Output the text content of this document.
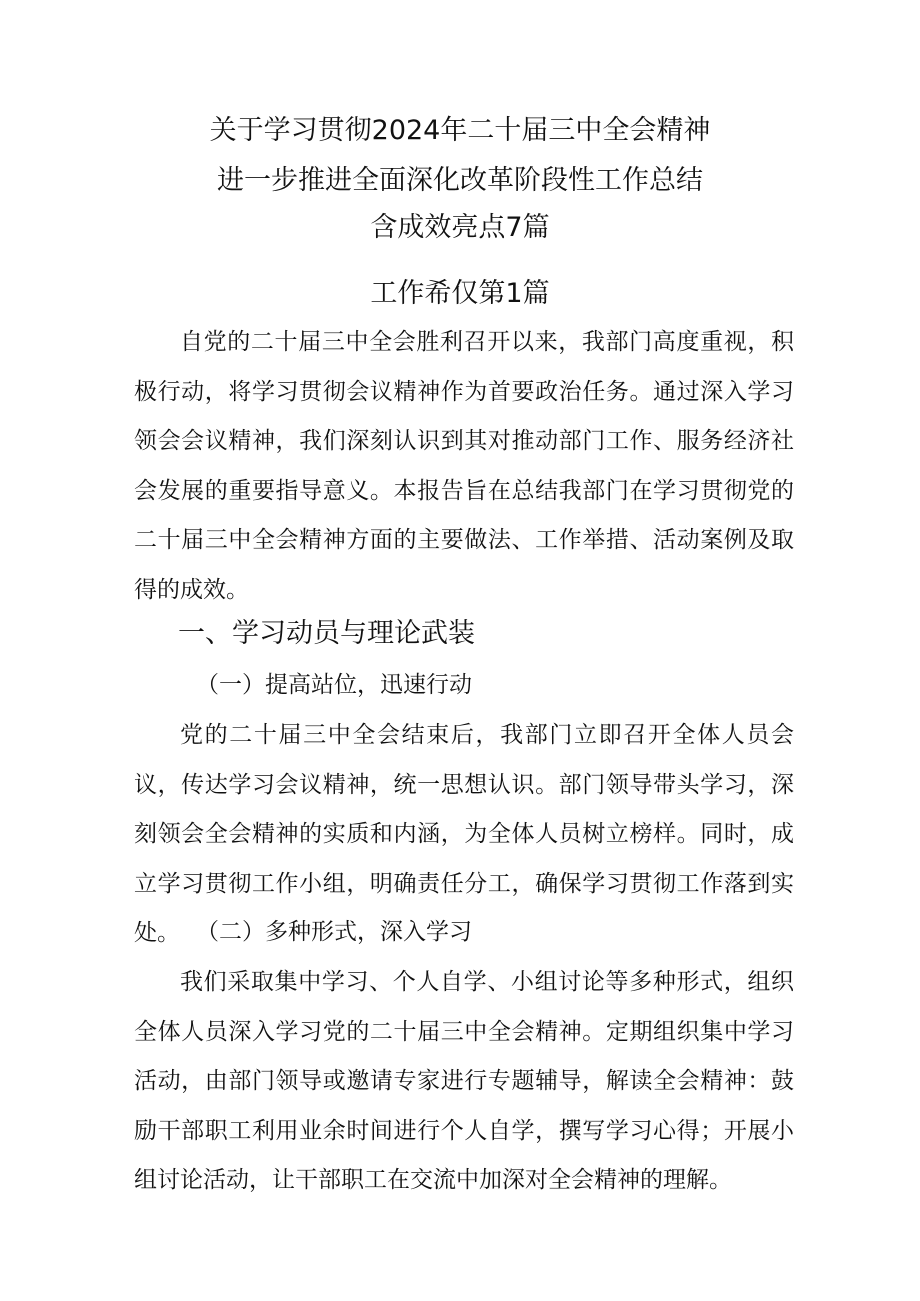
关于学习贯彻2024年二十届三中全会精神
进一步推进全面深化改革阶段性工作总结
含成效亮点7篇
工作希仅第1篇

自党的二十届三中全会胜利召开以来，我部门高度重视，积极行动，将学习贯彻会议精神作为首要政治任务。通过深入学习领会会议精神，我们深刻认识到其对推动部门工作、服务经济社会发展的重要指导意义。本报告旨在总结我部门在学习贯彻党的二十届三中全会精神方面的主要做法、工作举措、活动案例及取得的成效。

一、学习动员与理论武装
（一）提高站位，迅速行动

党的二十届三中全会结束后，我部门立即召开全体人员会议，传达学习会议精神，统一思想认识。部门领导带头学习，深刻领会全会精神的实质和内涵，为全体人员树立榜样。同时，成立学习贯彻工作小组，明确责任分工，确保学习贯彻工作落到实处。 （二）多种形式，深入学习

我们采取集中学习、个人自学、小组讨论等多种形式，组织全体人员深入学习党的二十届三中全会精神。定期组织集中学习活动，由部门领导或邀请专家进行专题辅导，解读全会精神：鼓励干部职工利用业余时间进行个人自学，撰写学习心得；开展小组讨论活动，让干部职工在交流中加深对全会精神的理解。
